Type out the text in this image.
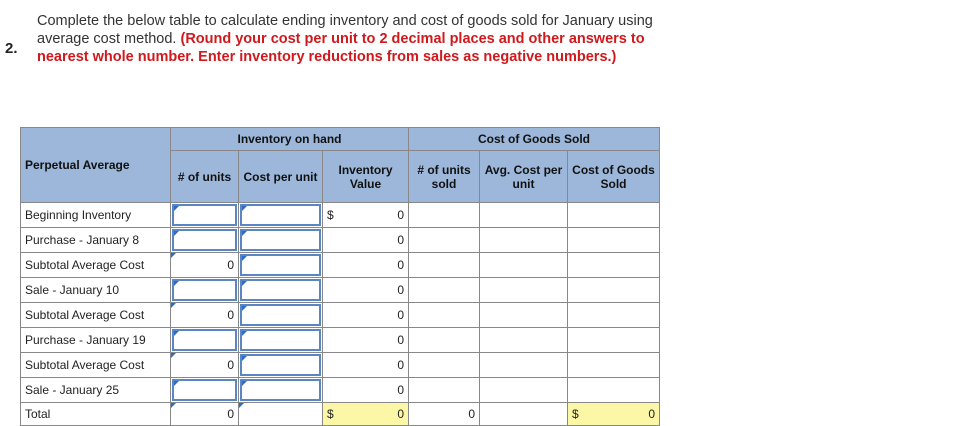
2.
Complete the below table to calculate ending inventory and cost of goods sold for January using average cost method. (Round your cost per unit to 2 decimal places and other answers to nearest whole number. Enter inventory reductions from sales as negative numbers.)
Perpetual Average	Inventory on hand			Cost of Goods Sold		
	# of units	Cost per unit	Inventory Value	# of units sold	Avg. Cost per unit	Cost of Goods Sold
Beginning Inventory			$ 0			

Purchase - January 8			0			

Subtotal Average Cost	0		0			

Sale - January 10			0			

Subtotal Average Cost	0		0			

Purchase - January 19			0			

Subtotal Average Cost	0		0			

Sale - January 25			0			

Total	0		$ 0	0		$ 0
